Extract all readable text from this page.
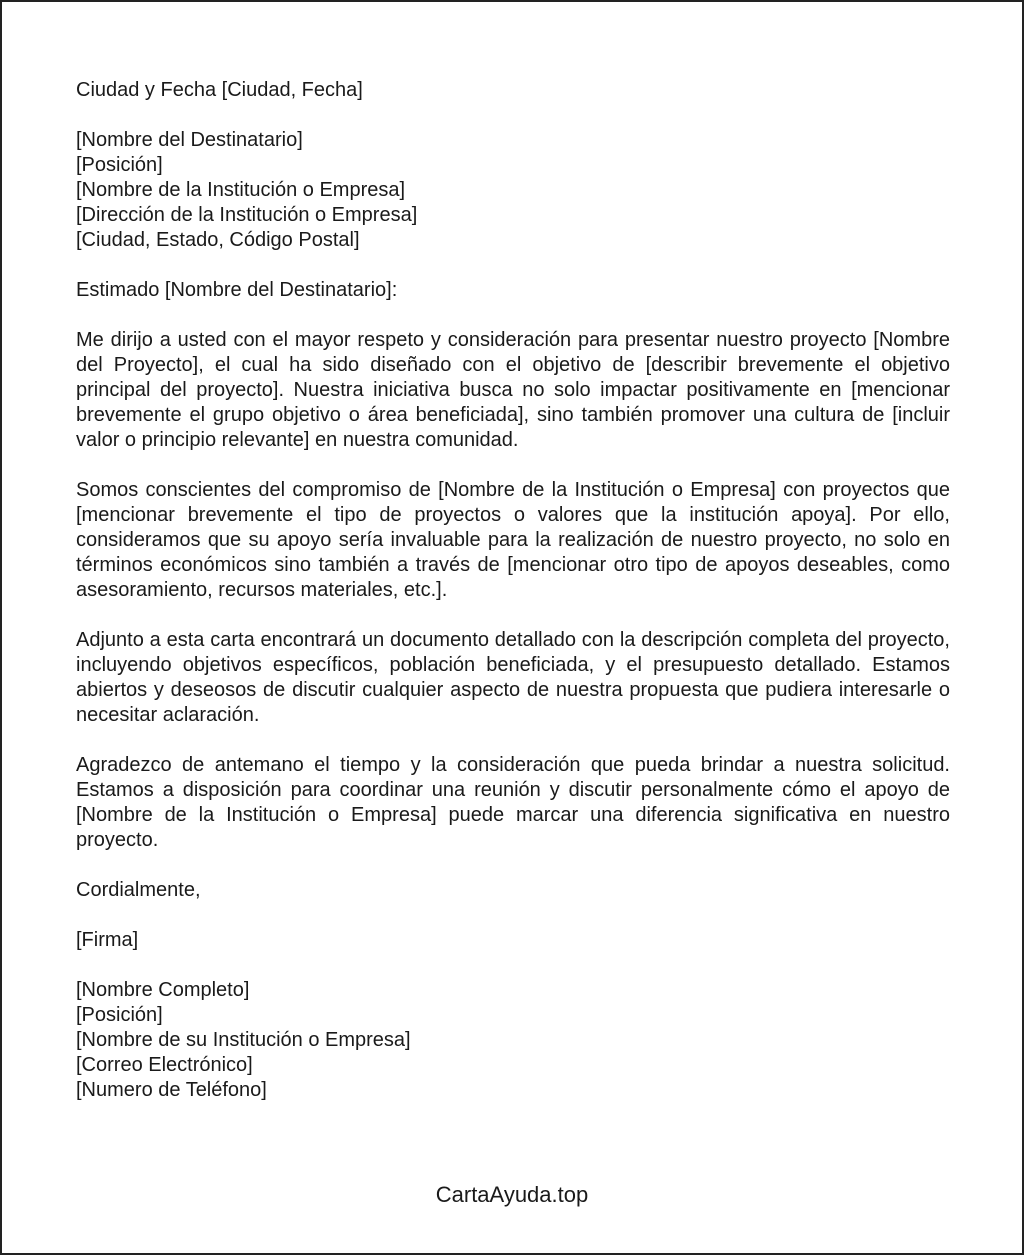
Ciudad y Fecha [Ciudad, Fecha]
[Nombre del Destinatario]
[Posición]
[Nombre de la Institución o Empresa]
[Dirección de la Institución o Empresa]
[Ciudad, Estado, Código Postal]
Estimado [Nombre del Destinatario]:

Me dirijo a usted con el mayor respeto y consideración para presentar nuestro proyecto [Nombre del Proyecto], el cual ha sido diseñado con el objetivo de [describir brevemente el objetivo principal del proyecto]. Nuestra iniciativa busca no solo impactar positivamente en [mencionar brevemente el grupo objetivo o área beneficiada], sino también promover una cultura de [incluir valor o principio relevante] en nuestra comunidad.

Somos conscientes del compromiso de [Nombre de la Institución o Empresa] con proyectos que [mencionar brevemente el tipo de proyectos o valores que la institución apoya]. Por ello, consideramos que su apoyo sería invaluable para la realización de nuestro proyecto, no solo en términos económicos sino también a través de [mencionar otro tipo de apoyos deseables, como asesoramiento, recursos materiales, etc.].

Adjunto a esta carta encontrará un documento detallado con la descripción completa del proyecto, incluyendo objetivos específicos, población beneficiada, y el presupuesto detallado. Estamos abiertos y deseosos de discutir cualquier aspecto de nuestra propuesta que pudiera interesarle o necesitar aclaración.

Agradezco de antemano el tiempo y la consideración que pueda brindar a nuestra solicitud. Estamos a disposición para coordinar una reunión y discutir personalmente cómo el apoyo de [Nombre de la Institución o Empresa] puede marcar una diferencia significativa en nuestro proyecto.

Cordialmente,
[Firma]
[Nombre Completo]
[Posición]
[Nombre de su Institución o Empresa]
[Correo Electrónico]
[Numero de Teléfono]
CartaAyuda.top
